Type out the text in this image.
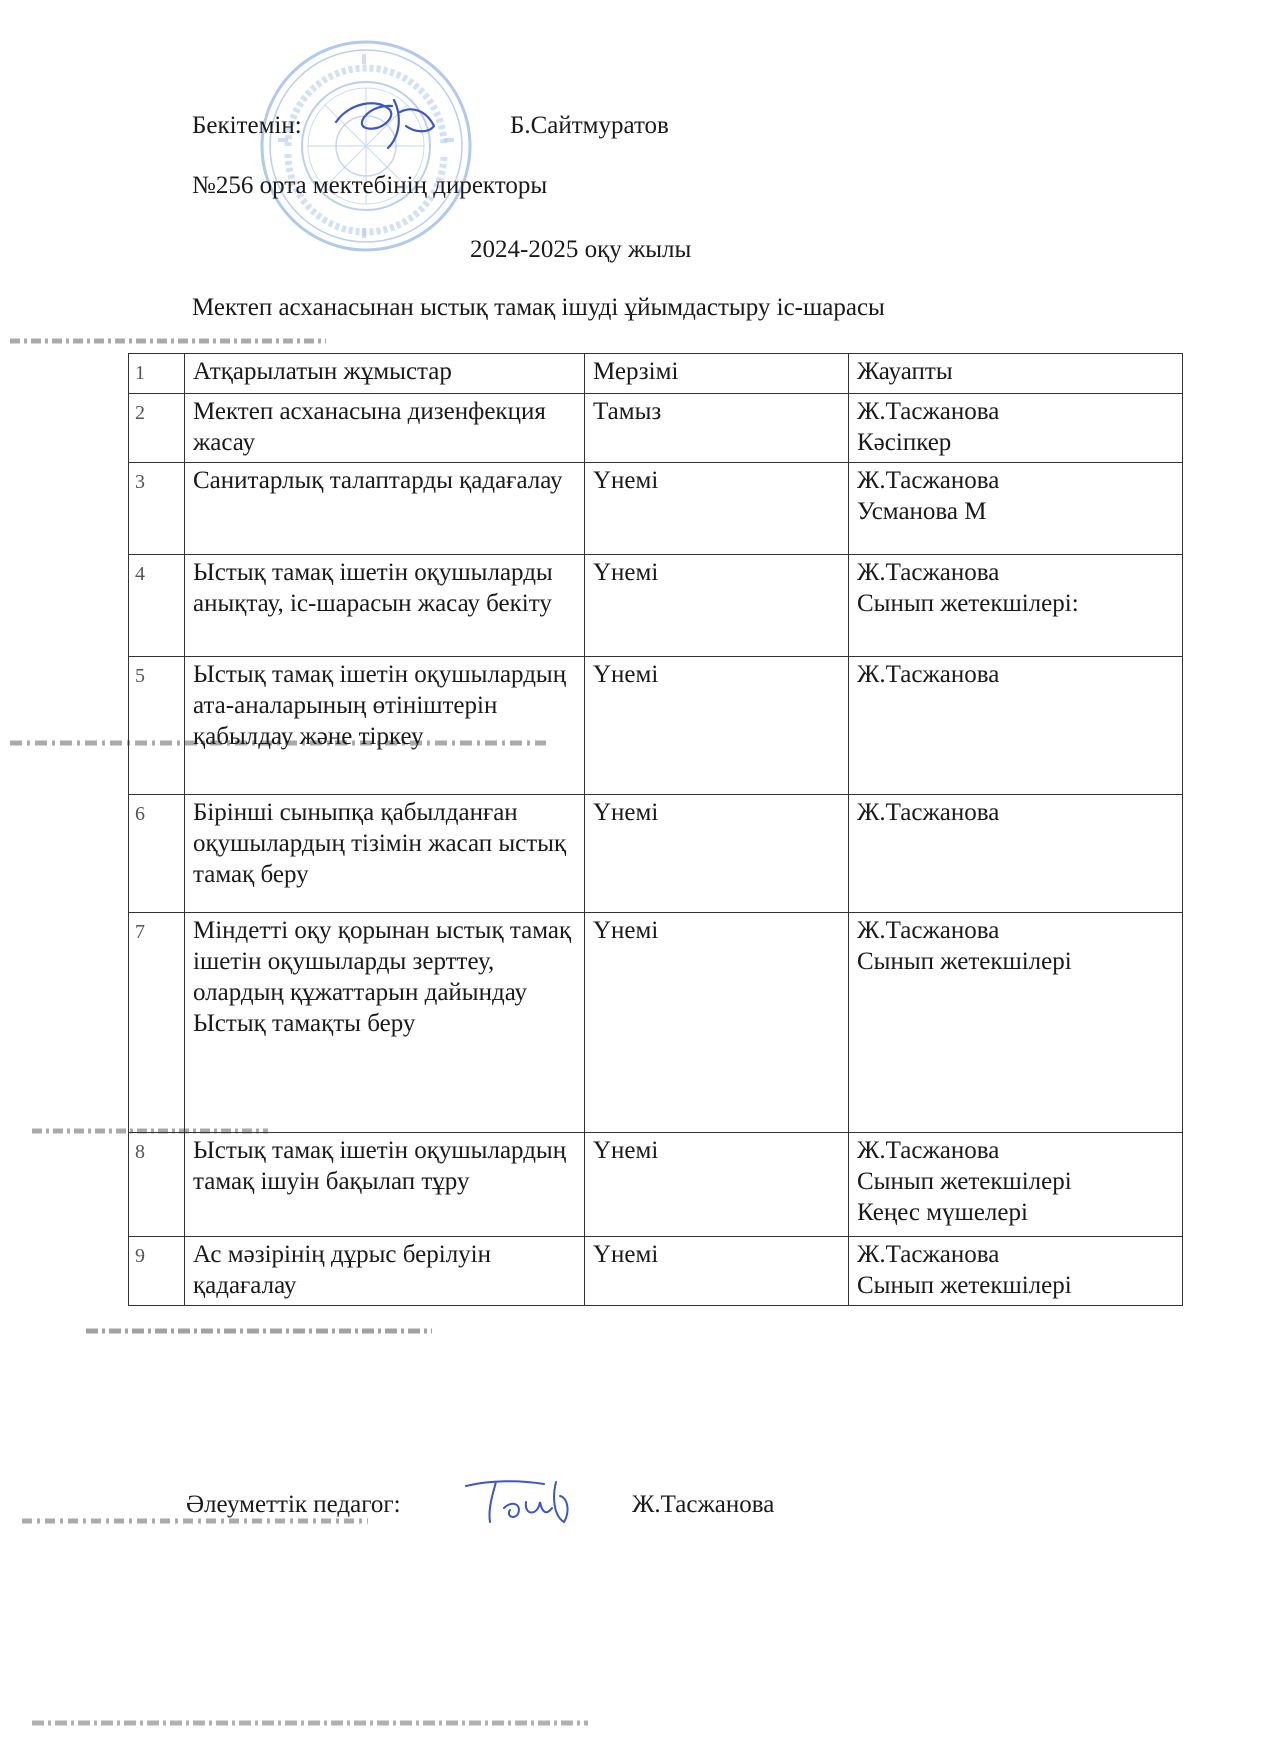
Бекітемін:	Б.Сайтмуратов
№256 орта мектебінің директоры
2024-2025 оқу жылы
Мектеп асханасынан ыстық тамақ ішуді ұйымдастыру іс-шарасы
1	Атқарылатын жұмыстар	Мерзімі	Жауапты
2	Мектеп асханасына дизенфекция жасау	Тамыз	Ж.Тасжанова
Кәсіпкер

3	Санитарлық талаптарды қадағалау	Үнемі	Ж.Тасжанова
Усманова М

4	Ыстық тамақ ішетін оқушыларды анықтау, іс-шарасын жасау бекіту	Үнемі	Ж.Тасжанова
Сынып жетекшілері:

5	Ыстық тамақ ішетін оқушылардың ата-аналарының өтініштерін қабылдау және тіркеу	Үнемі	Ж.Тасжанова

6	Бірінші сыныпқа қабылданған оқушылардың тізімін жасап ыстық тамақ беру	Үнемі	Ж.Тасжанова

7	Міндетті оқу қорынан ыстық тамақ ішетін оқушыларды зерттеу, олардың құжаттарын дайындау Ыстық тамақты беру	Үнемі	Ж.Тасжанова
Сынып жетекшілері

8	Ыстық тамақ ішетін оқушылардың тамақ ішуін бақылап тұру	Үнемі	Ж.Тасжанова
Сынып жетекшілері
Кеңес мүшелері

9	Ас мәзірінің дұрыс берілуін қадағалау	Үнемі	Ж.Тасжанова
Сынып жетекшілері
Әлеуметтік педагог:	Ж.Тасжанова
